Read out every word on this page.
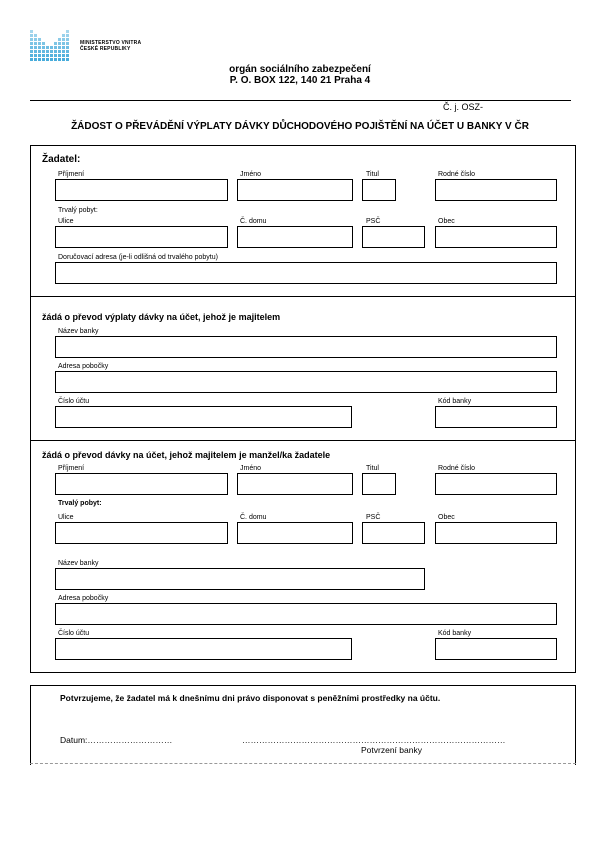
MINISTERSTVO VNITRA
ČESKÉ REPUBLIKY
orgán sociálního zabezpečení
P. O. BOX 122, 140 21 Praha 4
Č. j. OSZ-
ŽÁDOST O PŘEVÁDĚNÍ VÝPLATY DÁVKY DŮCHODOVÉHO POJIŠTĚNÍ NA ÚČET U BANKY V ČR
Žadatel:
Příjmení	Jméno	Titul	Rodné číslo
Trvalý pobyt:
Ulice	Č. domu	PSČ	Obec
Doručovací adresa (je-li odlišná od trvalého pobytu)
žádá o převod výplaty dávky na účet, jehož je majitelem
Název banky
Adresa pobočky
Číslo účtu	Kód banky
žádá o převod dávky na účet, jehož majitelem je manžel/ka žadatele
Příjmení	Jméno	Titul	Rodné číslo
Trvalý pobyt:
Ulice	Č. domu	PSČ	Obec
Název banky
Adresa pobočky
Číslo účtu	Kód banky
Potvrzujeme, že žadatel má k dnešnímu dni právo disponovat s peněžními prostředky na účtu.
Datum:…………………………	…………………………………………………………………………………
Potvrzení banky
